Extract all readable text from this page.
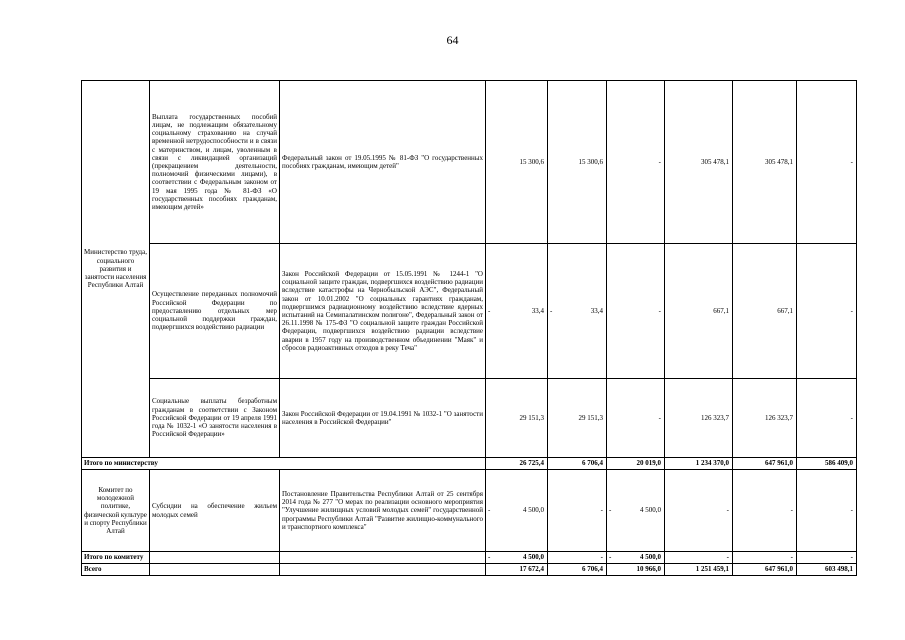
64
Министерство труда, социального развития и занятости населения Республики Алтай	Выплата государственных пособий лицам, не подлежащим обязательному социальному страхованию на случай временной нетрудоспособности и в связи с материнством, и лицам, уволенным в связи с ликвидацией организаций (прекращением деятельности, полномочий физическими лицами), в соответствии с Федеральным законом от 19 мая 1995 года № 81-ФЗ «О государственных пособиях гражданам, имеющим детей»	Федеральный закон от 19.05.1995 № 81-ФЗ "О государственных пособиях гражданам, имеющим детей"	15 300,6	15 300,6	-	305 478,1	305 478,1	-
	Осуществление переданных полномочий Российской Федерации по предоставлению отдельных мер социальной поддержки граждан, подвергшихся воздействию радиации	Закон Российской Федерации от 15.05.1991 № 1244-1 "О социальной защите граждан, подвергшихся воздействию радиации вследствие катастрофы на Чернобыльской АЭС", Федеральный закон от 10.01.2002 "О социальных гарантиях гражданам, подвергшимся радиационному воздействию вследствие ядерных испытаний на Семипалатинском полигоне", Федеральный закон от 26.11.1998 № 175-ФЗ "О социальной защите граждан Российской Федерации, подвергшихся воздействию радиации вследствие аварии в 1957 году на производственном объединении "Маяк" и сбросов радиоактивных отходов в реку Теча"	- 33,4	- 33,4	-	667,1	667,1	-
	Социальные выплаты безработным гражданам в соответствии с Законом Российской Федерации от 19 апреля 1991 года № 1032-1 «О занятости населения в Российской Федерации»	Закон Российской Федерации от 19.04.1991 № 1032-1 "О занятости населения в Российской Федерации"	29 151,3	29 151,3	-	126 323,7	126 323,7	-
Итого по министерству			26 725,4	6 706,4	20 019,0	1 234 370,0	647 961,0	586 409,0
Комитет по молодежной политике, физической культуре и спорту Республики Алтай	Субсидии на обеспечение жильем молодых семей	Постановление Правительства Республики Алтай от 25 сентября 2014 года № 277 "О мерах по реализации основного мероприятия "Улучшение жилищных условий молодых семей" государственной программы Республики Алтай "Развитие жилищно-коммунального и транспортного комплекса"	- 4 500,0	-	- 4 500,0	-	-	-
Итого по комитету			- 4 500,0	-	- 4 500,0	-	-	-
Всего			17 672,4	6 706,4	10 966,0	1 251 459,1	647 961,0	603 498,1
